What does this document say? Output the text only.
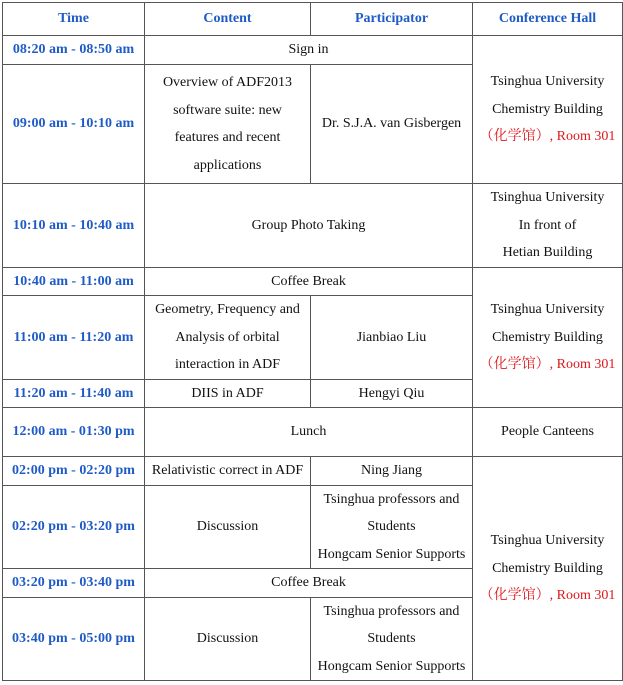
Time	Content	Participator	Conference Hall
08:20 am - 08:50 am	Sign in		Tsinghua University
Chemistry Building
（化学馆）, Room 301

09:00 am - 10:10 am	Overview of ADF2013
software suite: new
features and recent
applications	Dr. S.J.A. van Gisbergen	
10:10 am - 10:40 am	Group Photo Taking		Tsinghua University
In front of
Hetian Building

10:40 am - 11:00 am	Coffee Break		Tsinghua University
Chemistry Building
（化学馆）, Room 301

11:00 am - 11:20 am	Geometry, Frequency and
Analysis of orbital
interaction in ADF	Jianbiao Liu	
11:20 am - 11:40 am	DIIS in ADF	Hengyi Qiu	
12:00 am - 01:30 pm	Lunch		People Canteens
02:00 pm - 02:20 pm	Relativistic correct in ADF	Ning Jiang	Tsinghua University
Chemistry Building
（化学馆）, Room 301

02:20 pm - 03:20 pm	Discussion	Tsinghua professors and
Students
Hongcam Senior Supports	

03:20 pm - 03:40 pm	Coffee Break		
03:40 pm - 05:00 pm	Discussion	Tsinghua professors and
Students
Hongcam Senior Supports	
